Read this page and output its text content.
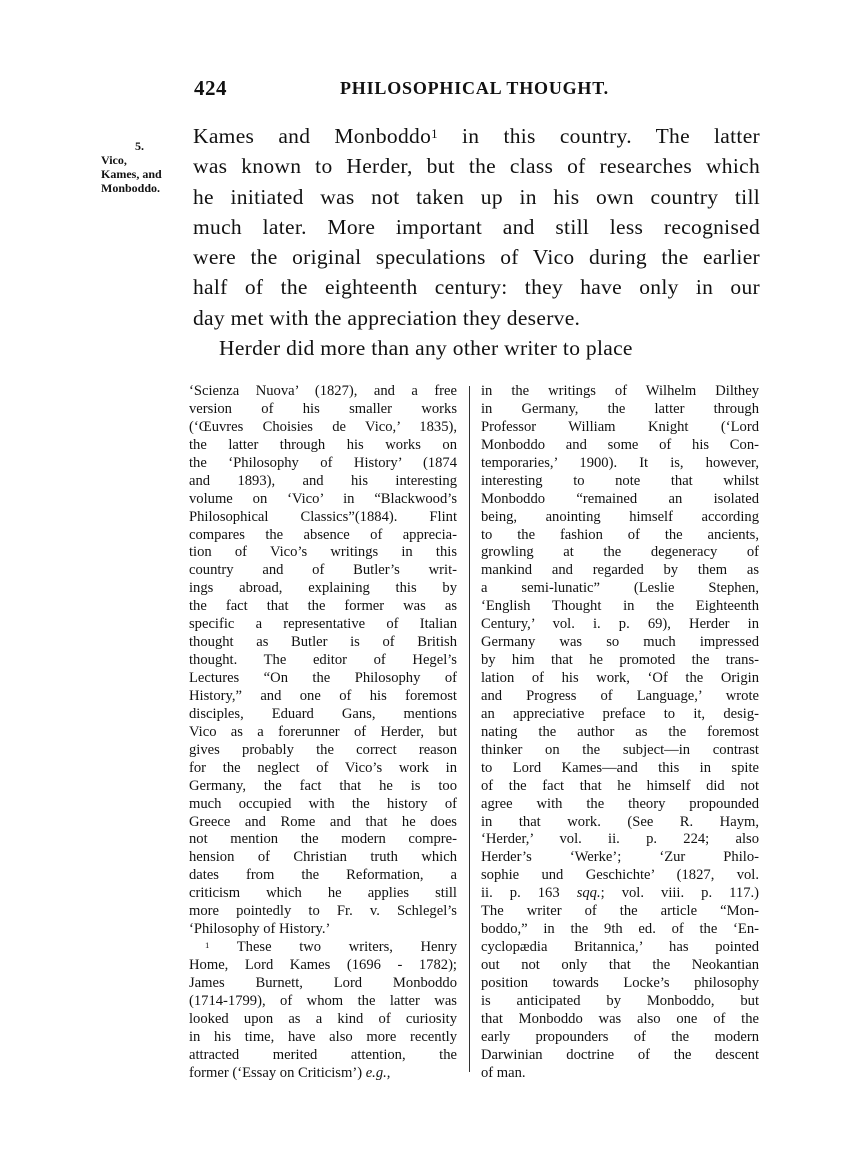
424	PHILOSOPHICAL THOUGHT.
5.
Vico,
Kames, and
Monboddo.
Kames and Monboddo$^1$ in this country. The latter
was known to Herder, but the class of researches which
he initiated was not taken up in his own country till
much later. More important and still less recognised
were the original speculations of Vico during the earlier
half of the eighteenth century: they have only in our
day met with the appreciation they deserve.
Herder did more than any other writer to place
‘Scienza Nuova’ (1827), and a free
version of his smaller works
(‘Œuvres Choisies de Vico,’ 1835),
the latter through his works on
the ‘Philosophy of History’ (1874
and 1893), and his interesting
volume on ‘Vico’ in “Blackwood’s
Philosophical Classics”(1884). Flint
compares the absence of apprecia-
tion of Vico’s writings in this
country and of Butler’s writ-
ings abroad, explaining this by
the fact that the former was as
specific a representative of Italian
thought as Butler is of British
thought. The editor of Hegel’s
Lectures “On the Philosophy of
History,” and one of his foremost
disciples, Eduard Gans, mentions
Vico as a forerunner of Herder, but
gives probably the correct reason
for the neglect of Vico’s work in
Germany, the fact that he is too
much occupied with the history of
Greece and Rome and that he does
not mention the modern compre-
hension of Christian truth which
dates from the Reformation, a
criticism which he applies still
more pointedly to Fr. v. Schlegel’s
‘Philosophy of History.’
$^1$ These two writers, Henry
Home, Lord Kames (1696 - 1782);
James Burnett, Lord Monboddo
(1714-1799), of whom the latter was
looked upon as a kind of curiosity
in his time, have also more recently
attracted merited attention, the
former (‘Essay on Criticism’) e.g.,
in the writings of Wilhelm Dilthey
in Germany, the latter through
Professor William Knight (‘Lord
Monboddo and some of his Con-
temporaries,’ 1900). It is, however,
interesting to note that whilst
Monboddo “remained an isolated
being, anointing himself according
to the fashion of the ancients,
growling at the degeneracy of
mankind and regarded by them as
a semi-lunatic” (Leslie Stephen,
‘English Thought in the Eighteenth
Century,’ vol. i. p. 69), Herder in
Germany was so much impressed
by him that he promoted the trans-
lation of his work, ‘Of the Origin
and Progress of Language,’ wrote
an appreciative preface to it, desig-
nating the author as the foremost
thinker on the subject—in contrast
to Lord Kames—and this in spite
of the fact that he himself did not
agree with the theory propounded
in that work. (See R. Haym,
‘Herder,’ vol. ii. p. 224; also
Herder’s ‘Werke’; ‘Zur Philo-
sophie und Geschichte’ (1827, vol.
ii. p. 163 sqq.; vol. viii. p. 117.)
The writer of the article “Mon-
boddo,” in the 9th ed. of the ‘En-
cyclopædia Britannica,’ has pointed
out not only that the Neokantian
position towards Locke’s philosophy
is anticipated by Monboddo, but
that Monboddo was also one of the
early propounders of the modern
Darwinian doctrine of the descent
of man.
